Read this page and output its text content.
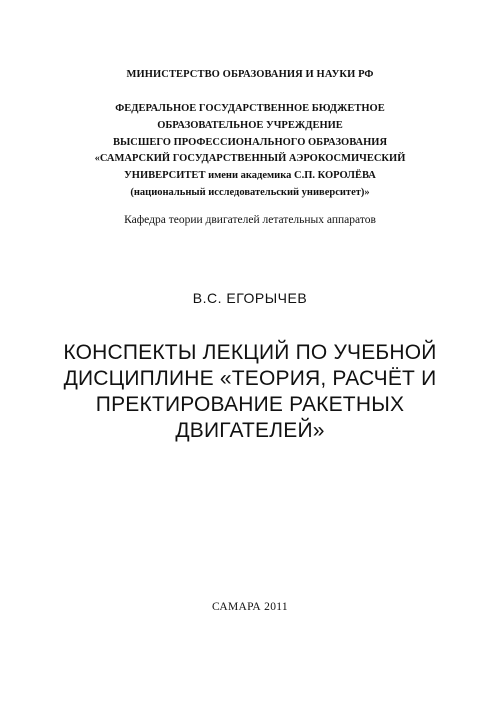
МИНИСТЕРСТВО ОБРАЗОВАНИЯ И НАУКИ РФ
ФЕДЕРАЛЬНОЕ ГОСУДАРСТВЕННОЕ БЮДЖЕТНОЕ
ОБРАЗОВАТЕЛЬНОЕ УЧРЕЖДЕНИЕ
ВЫСШЕГО ПРОФЕССИОНАЛЬНОГО ОБРАЗОВАНИЯ
«САМАРСКИЙ ГОСУДАРСТВЕННЫЙ АЭРОКОСМИЧЕСКИЙ
УНИВЕРСИТЕТ имени академика С.П. КОРОЛЁВА
(национальный исследовательский университет)»
Кафедра теории двигателей летательных аппаратов
В.С. ЕГОРЫЧЕВ
КОНСПЕКТЫ ЛЕКЦИЙ ПО УЧЕБНОЙ
ДИСЦИПЛИНЕ «ТЕОРИЯ, РАСЧЁТ И
ПРЕКТИРОВАНИЕ РАКЕТНЫХ
ДВИГАТЕЛЕЙ»
САМАРА 2011
